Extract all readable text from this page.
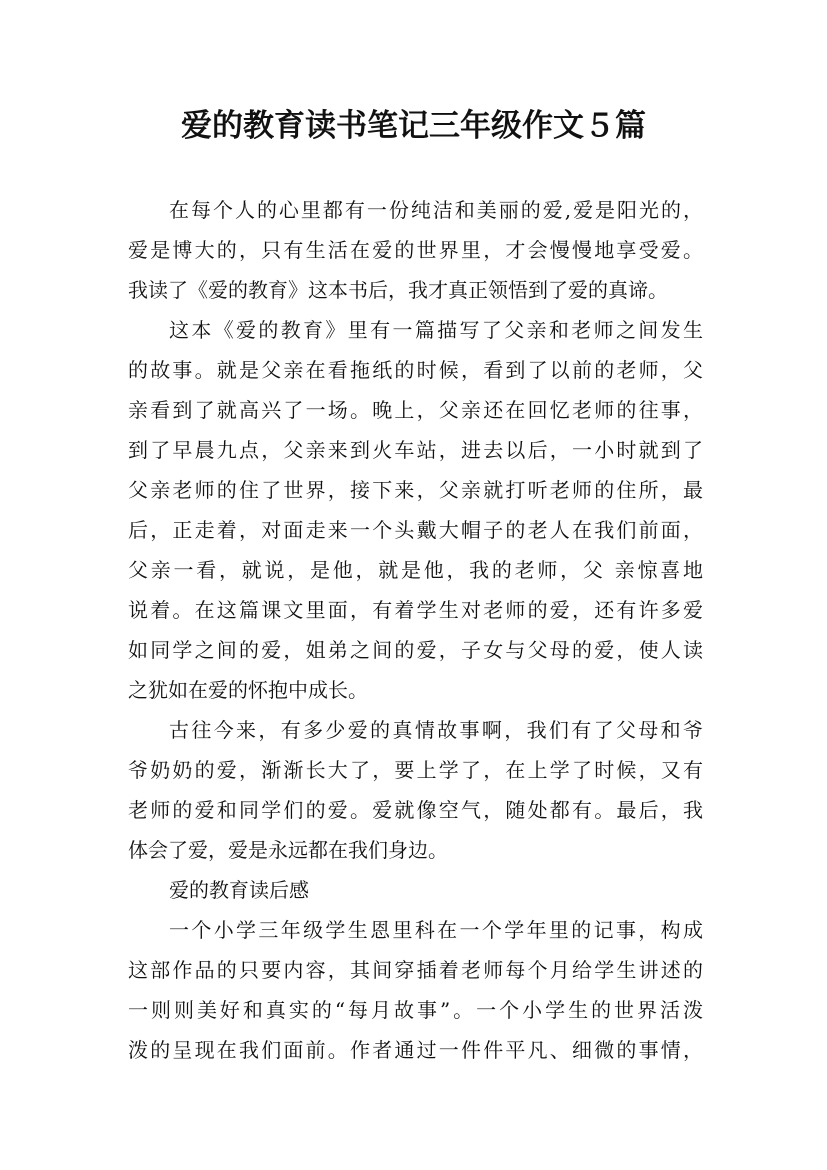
爱的教育读书笔记三年级作文５篇
在每个人的心里都有一份纯洁和美丽的爱,爱是阳光的，
爱是博大的，只有生活在爱的世界里，才会慢慢地享受爱。
我读了《爱的教育》这本书后，我才真正领悟到了爱的真谛。
这本《爱的教育》里有一篇描写了父亲和老师之间发生
的故事。就是父亲在看拖纸的时候，看到了以前的老师，父
亲看到了就高兴了一场。晚上，父亲还在回忆老师的往事，
到了早晨九点，父亲来到火车站，进去以后，一小时就到了
父亲老师的住了世界，接下来，父亲就打听老师的住所，最
后，正走着，对面走来一个头戴大帽子的老人在我们前面，
父亲一看，就说，是他，就是他，我的老师，父 亲惊喜地
说着。在这篇课文里面，有着学生对老师的爱，还有许多爱
如同学之间的爱，姐弟之间的爱，子女与父母的爱，使人读
之犹如在爱的怀抱中成长。
古往今来，有多少爱的真情故事啊，我们有了父母和爷
爷奶奶的爱，渐渐长大了，要上学了，在上学了时候，又有
老师的爱和同学们的爱。爱就像空气，随处都有。最后，我
体会了爱，爱是永远都在我们身边。
爱的教育读后感
一个小学三年级学生恩里科在一个学年里的记事，构成
这部作品的只要内容，其间穿插着老师每个月给学生讲述的
一则则美好和真实的“每月故事”。一个小学生的世界活泼
泼的呈现在我们面前。作者通过一件件平凡、细微的事情，
